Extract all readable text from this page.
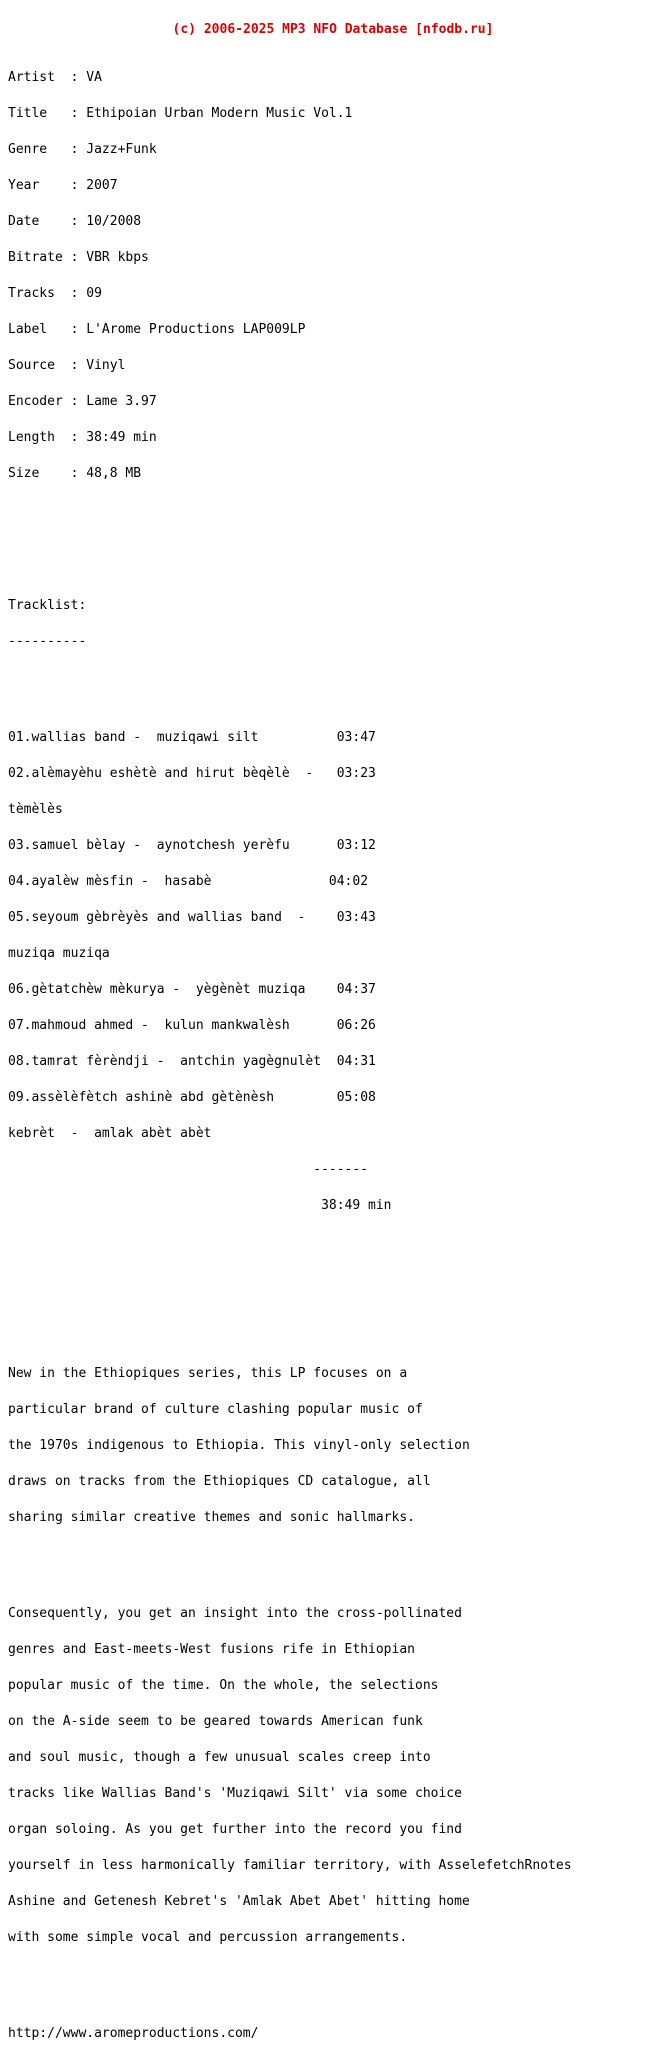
(c) 2006-2025 MP3 NFO Database [nfodb.ru]

Artist  : VA

Title   : Ethipoian Urban Modern Music Vol.1

Genre   : Jazz+Funk

Year    : 2007

Date    : 10/2008

Bitrate : VBR kbps

Tracks  : 09

Label   : L'Arome Productions LAP009LP

Source  : Vinyl

Encoder : Lame 3.97

Length  : 38:49 min

Size    : 48,8 MB

Tracklist:

----------

01.wallias band -  muziqawi silt          03:47

02.alèmayèhu eshètè and hirut bèqèlè  -   03:23

tèmèlès

03.samuel bèlay -  aynotchesh yerèfu      03:12

04.ayalèw mèsfin -  hasabè               04:02

05.seyoum gèbrèyès and wallias band  -    03:43

muziqa muziqa

06.gètatchèw mèkurya -  yègènèt muziqa    04:37

07.mahmoud ahmed -  kulun mankwalèsh      06:26

08.tamrat fèrèndji -  antchin yagègnulèt  04:31

09.assèlèfètch ashinè abd gètènèsh        05:08

kebrèt  -  amlak abèt abèt

-------

38:49 min

New in the Ethiopiques series, this LP focuses on a

particular brand of culture clashing popular music of

the 1970s indigenous to Ethiopia. This vinyl-only selection

draws on tracks from the Ethiopiques CD catalogue, all

sharing similar creative themes and sonic hallmarks.

Consequently, you get an insight into the cross-pollinated

genres and East-meets-West fusions rife in Ethiopian

popular music of the time. On the whole, the selections

on the A-side seem to be geared towards American funk

and soul music, though a few unusual scales creep into

tracks like Wallias Band's 'Muziqawi Silt' via some choice

organ soloing. As you get further into the record you find

yourself in less harmonically familiar territory, with AsselefetchRnotes

Ashine and Getenesh Kebret's 'Amlak Abet Abet' hitting home

with some simple vocal and percussion arrangements.

http://www.aromeproductions.com/
